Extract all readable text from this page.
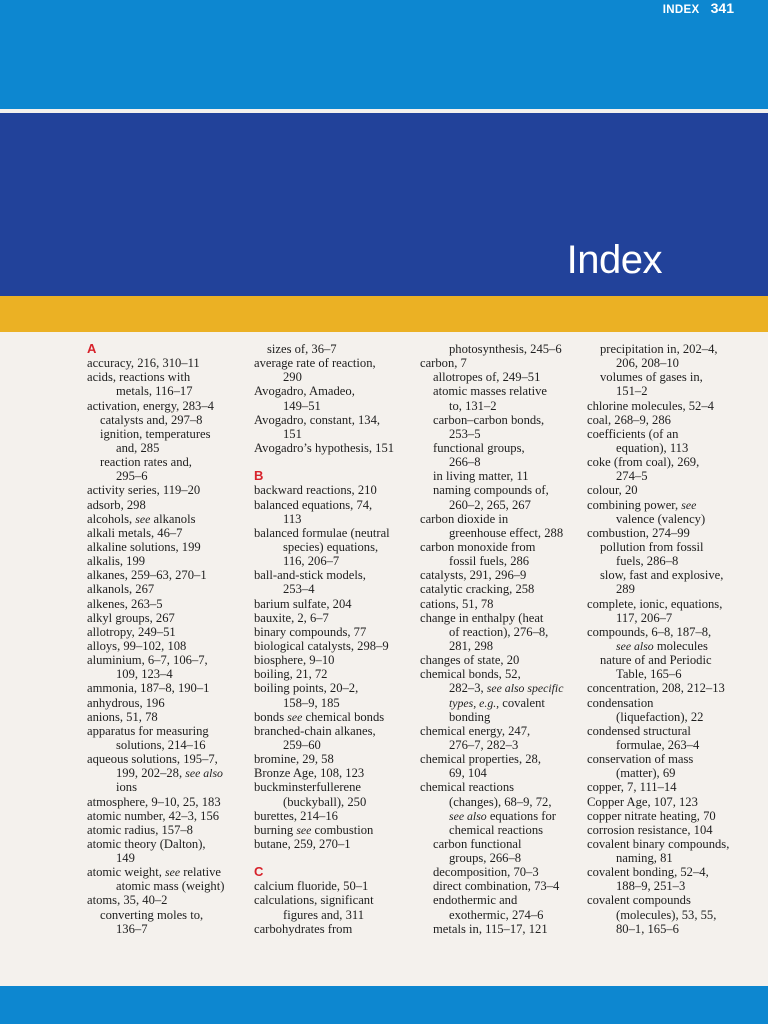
Index
A
accuracy, 216, 310–11
acids, reactions with
metals, 116–17
activation, energy, 283–4
catalysts and, 297–8
ignition, temperatures
and, 285
reaction rates and,
295–6
activity series, 119–20
adsorb, 298
alcohols, see alkanols
alkali metals, 46–7
alkaline solutions, 199
alkalis, 199
alkanes, 259–63, 270–1
alkanols, 267
alkenes, 263–5
alkyl groups, 267
allotropy, 249–51
alloys, 99–102, 108
aluminium, 6–7, 106–7,
109, 123–4
ammonia, 187–8, 190–1
anhydrous, 196
anions, 51, 78
apparatus for measuring
solutions, 214–16
aqueous solutions, 195–7,
199, 202–28, see also
ions
atmosphere, 9–10, 25, 183
atomic number, 42–3, 156
atomic radius, 157–8
atomic theory (Dalton),
149
atomic weight, see relative
atomic mass (weight)
atoms, 35, 40–2
converting moles to,
136–7
sizes of, 36–7
average rate of reaction,
290
Avogadro, Amadeo,
149–51
Avogadro, constant, 134,
151
Avogadro’s hypothesis, 151
B
backward reactions, 210
balanced equations, 74,
113
balanced formulae (neutral
species) equations,
116, 206–7
ball-and-stick models,
253–4
barium sulfate, 204
bauxite, 2, 6–7
binary compounds, 77
biological catalysts, 298–9
biosphere, 9–10
boiling, 21, 72
boiling points, 20–2,
158–9, 185
bonds see chemical bonds
branched-chain alkanes,
259–60
bromine, 29, 58
Bronze Age, 108, 123
buckminsterfullerene
(buckyball), 250
burettes, 214–16
burning see combustion
butane, 259, 270–1
C
calcium fluoride, 50–1
calculations, significant
figures and, 311
carbohydrates from
photosynthesis, 245–6
carbon, 7
allotropes of, 249–51
atomic masses relative
to, 131–2
carbon–carbon bonds,
253–5
functional groups,
266–8
in living matter, 11
naming compounds of,
260–2, 265, 267
carbon dioxide in
greenhouse effect, 288
carbon monoxide from
fossil fuels, 286
catalysts, 291, 296–9
catalytic cracking, 258
cations, 51, 78
change in enthalpy (heat
of reaction), 276–8,
281, 298
changes of state, 20
chemical bonds, 52,
282–3, see also specific
types, e.g., covalent
bonding
chemical energy, 247,
276–7, 282–3
chemical properties, 28,
69, 104
chemical reactions
(changes), 68–9, 72,
see also equations for
chemical reactions
carbon functional
groups, 266–8
decomposition, 70–3
direct combination, 73–4
endothermic and
exothermic, 274–6
metals in, 115–17, 121
precipitation in, 202–4,
206, 208–10
volumes of gases in,
151–2
chlorine molecules, 52–4
coal, 268–9, 286
coefficients (of an
equation), 113
coke (from coal), 269,
274–5
colour, 20
combining power, see
valence (valency)
combustion, 274–99
pollution from fossil
fuels, 286–8
slow, fast and explosive,
289
complete, ionic, equations,
117, 206–7
compounds, 6–8, 187–8,
see also molecules
nature of and Periodic
Table, 165–6
concentration, 208, 212–13
condensation
(liquefaction), 22
condensed structural
formulae, 263–4
conservation of mass
(matter), 69
copper, 7, 111–14
Copper Age, 107, 123
copper nitrate heating, 70
corrosion resistance, 104
covalent binary compounds,
naming, 81
covalent bonding, 52–4,
188–9, 251–3
covalent compounds
(molecules), 53, 55,
80–1, 165–6
INDEX 341
